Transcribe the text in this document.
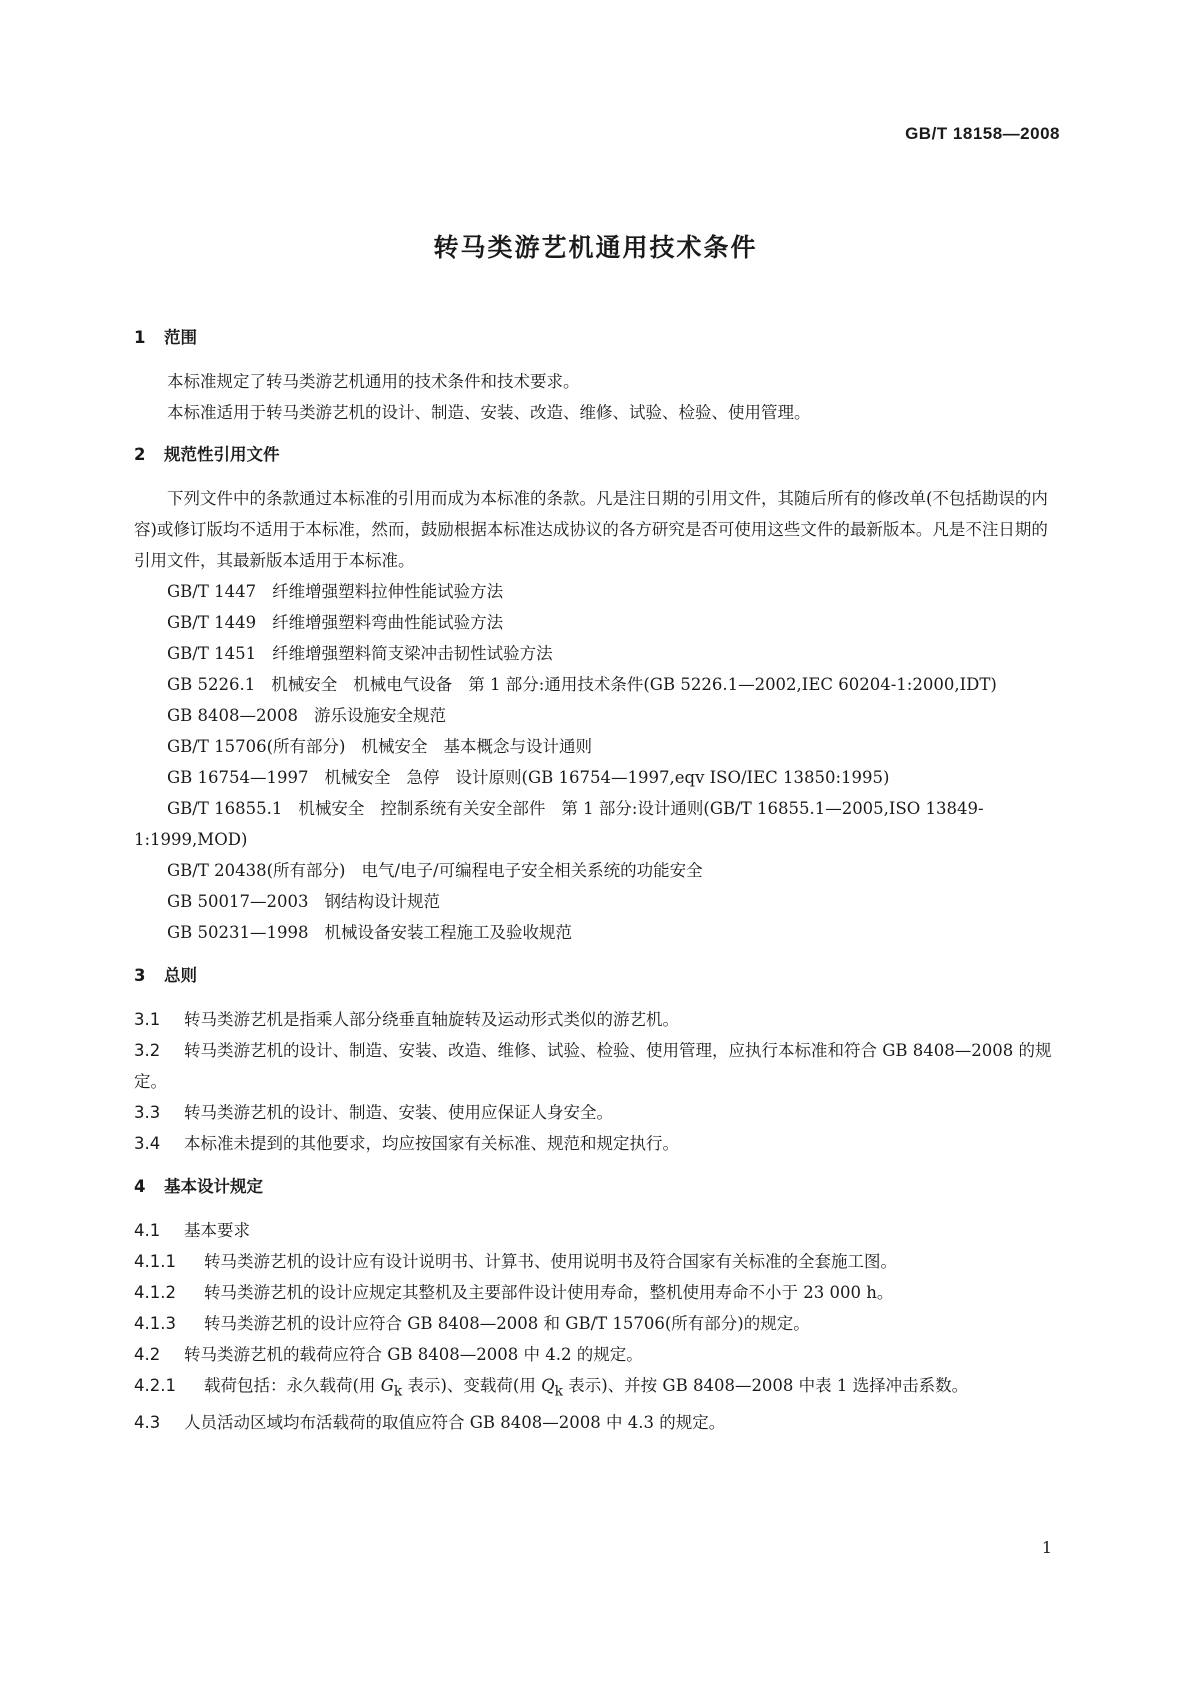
GB/T 18158—2008
转马类游艺机通用技术条件
1 范围

本标准规定了转马类游艺机通用的技术条件和技术要求。

本标准适用于转马类游艺机的设计、制造、安装、改造、维修、试验、检验、使用管理。

2 规范性引用文件

下列文件中的条款通过本标准的引用而成为本标准的条款。凡是注日期的引用文件，其随后所有的修改单(不包括勘误的内容)或修订版均不适用于本标准，然而，鼓励根据本标准达成协议的各方研究是否可使用这些文件的最新版本。凡是不注日期的引用文件，其最新版本适用于本标准。

GB/T 1447 纤维增强塑料拉伸性能试验方法

GB/T 1449 纤维增强塑料弯曲性能试验方法

GB/T 1451 纤维增强塑料简支梁冲击韧性试验方法

GB 5226.1 机械安全 机械电气设备 第 1 部分:通用技术条件(GB 5226.1—2002,IEC 60204-1:2000,IDT)

GB 8408—2008 游乐设施安全规范

GB/T 15706(所有部分) 机械安全 基本概念与设计通则

GB 16754—1997 机械安全 急停 设计原则(GB 16754—1997,eqv ISO/IEC 13850:1995)

GB/T 16855.1 机械安全 控制系统有关安全部件 第 1 部分:设计通则(GB/T 16855.1—2005,ISO 13849-1:1999,MOD)

GB/T 20438(所有部分) 电气/电子/可编程电子安全相关系统的功能安全

GB 50017—2003 钢结构设计规范

GB 50231—1998 机械设备安装工程施工及验收规范

3 总则

3.1 转马类游艺机是指乘人部分绕垂直轴旋转及运动形式类似的游艺机。

3.2 转马类游艺机的设计、制造、安装、改造、维修、试验、检验、使用管理，应执行本标准和符合 GB 8408—2008 的规定。

3.3 转马类游艺机的设计、制造、安装、使用应保证人身安全。

3.4 本标准未提到的其他要求，均应按国家有关标准、规范和规定执行。

4 基本设计规定

4.1 基本要求

4.1.1 转马类游艺机的设计应有设计说明书、计算书、使用说明书及符合国家有关标准的全套施工图。

4.1.2 转马类游艺机的设计应规定其整机及主要部件设计使用寿命，整机使用寿命不小于 23 000 h。

4.1.3 转马类游艺机的设计应符合 GB 8408—2008 和 GB/T 15706(所有部分)的规定。

4.2 转马类游艺机的载荷应符合 GB 8408—2008 中 4.2 的规定。

4.2.1 载荷包括：永久载荷(用 $G_k$ 表示)、变载荷(用 $Q_k$ 表示)、并按 GB 8408—2008 中表 1 选择冲击系数。

4.3 人员活动区域均布活载荷的取值应符合 GB 8408—2008 中 4.3 的规定。

1
